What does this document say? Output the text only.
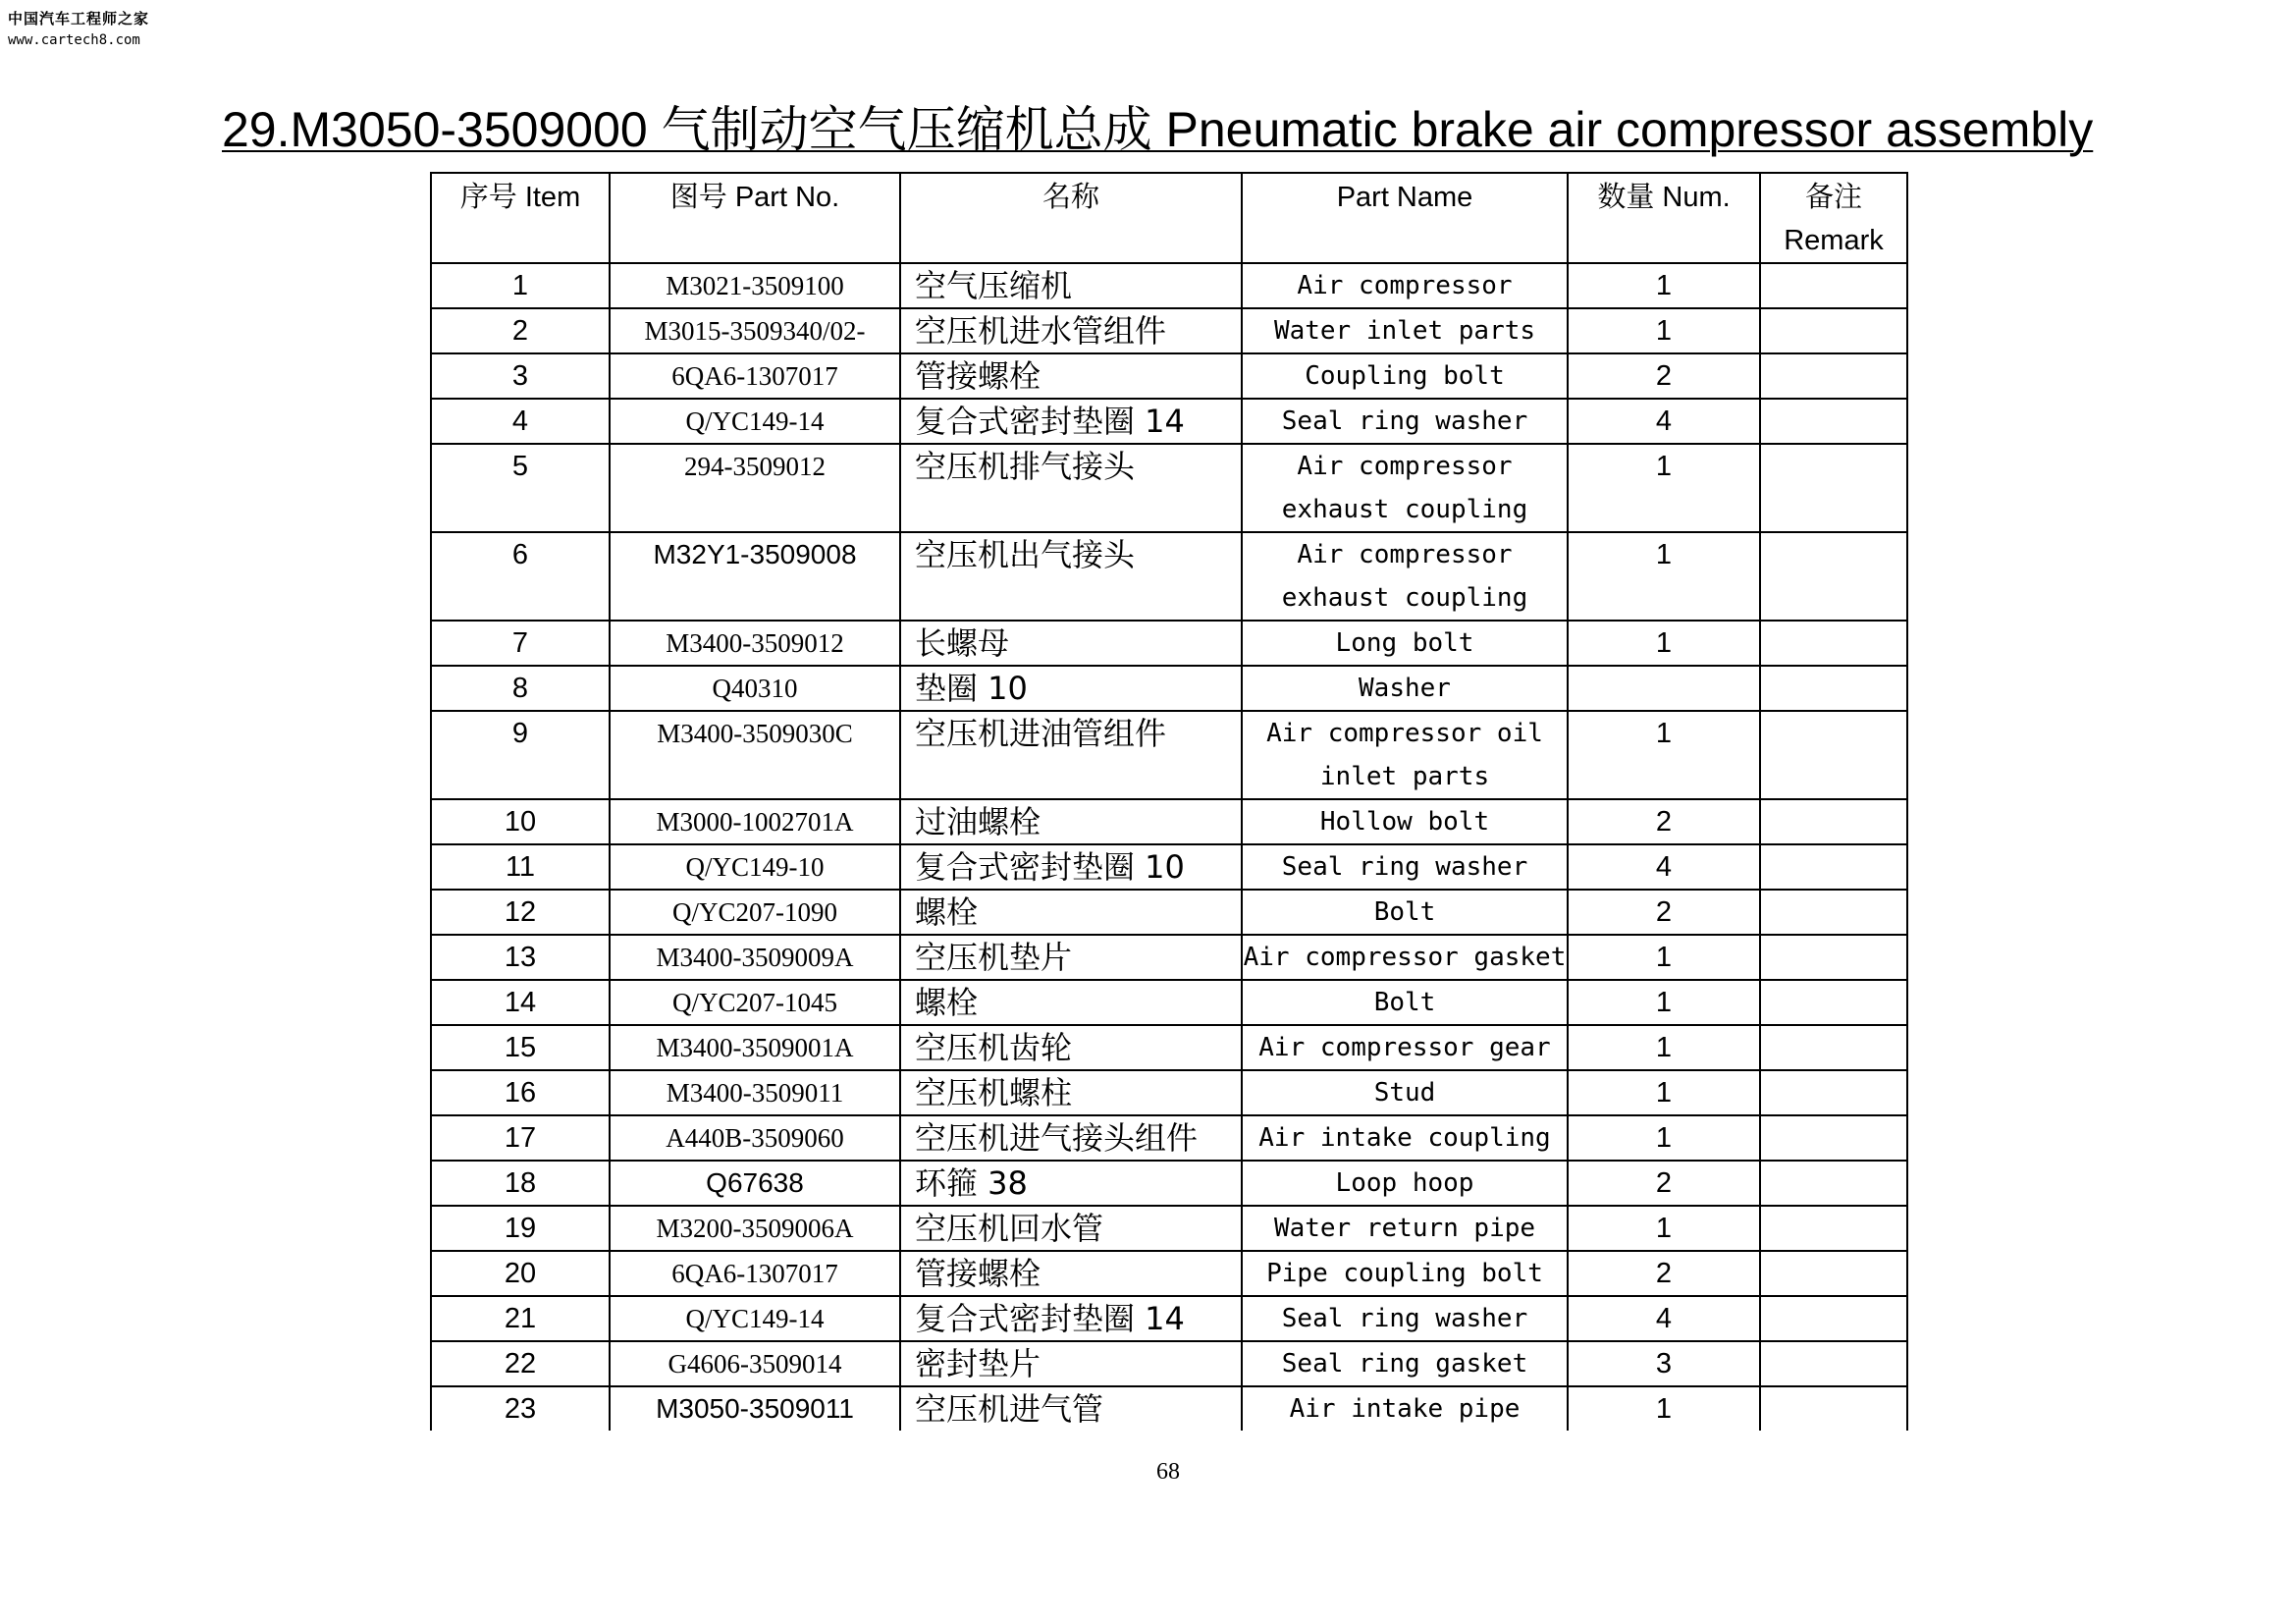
中国汽车工程师之家
www.cartech8.com
29.M3050-3509000 气制动空气压缩机总成 Pneumatic brake air compressor assembly
序号 Item	图号 Part No.	名称	Part Name	数量 Num.	备注
Remark

1	M3021-3509100	空气压缩机	Air compressor	1	
2	M3015-3509340/02-	空压机进水管组件	Water inlet parts	1	
3	6QA6-1307017	管接螺栓	Coupling bolt	2	
4	Q/YC149-14	复合式密封垫圈 14	Seal ring washer	4	
5	294-3509012	空压机排气接头	Air compressor exhaust coupling	1	
6	M32Y1-3509008	空压机出气接头	Air compressor exhaust coupling	1	
7	M3400-3509012	长螺母	Long bolt	1	
8	Q40310	垫圈 10	Washer		
9	M3400-3509030C	空压机进油管组件	Air compressor oil inlet parts	1	
10	M3000-1002701A	过油螺栓	Hollow bolt	2	
11	Q/YC149-10	复合式密封垫圈 10	Seal ring washer	4	
12	Q/YC207-1090	螺栓	Bolt	2	
13	M3400-3509009A	空压机垫片	Air compressor gasket	1	
14	Q/YC207-1045	螺栓	Bolt	1	
15	M3400-3509001A	空压机齿轮	Air compressor gear	1	
16	M3400-3509011	空压机螺柱	Stud	1	
17	A440B-3509060	空压机进气接头组件	Air intake coupling	1	
18	Q67638	环箍 38	Loop hoop	2	
19	M3200-3509006A	空压机回水管	Water return pipe	1	
20	6QA6-1307017	管接螺栓	Pipe coupling bolt	2	
21	Q/YC149-14	复合式密封垫圈 14	Seal ring washer	4	
22	G4606-3509014	密封垫片	Seal ring gasket	3	
23	M3050-3509011	空压机进气管	Air intake pipe	1	
68
